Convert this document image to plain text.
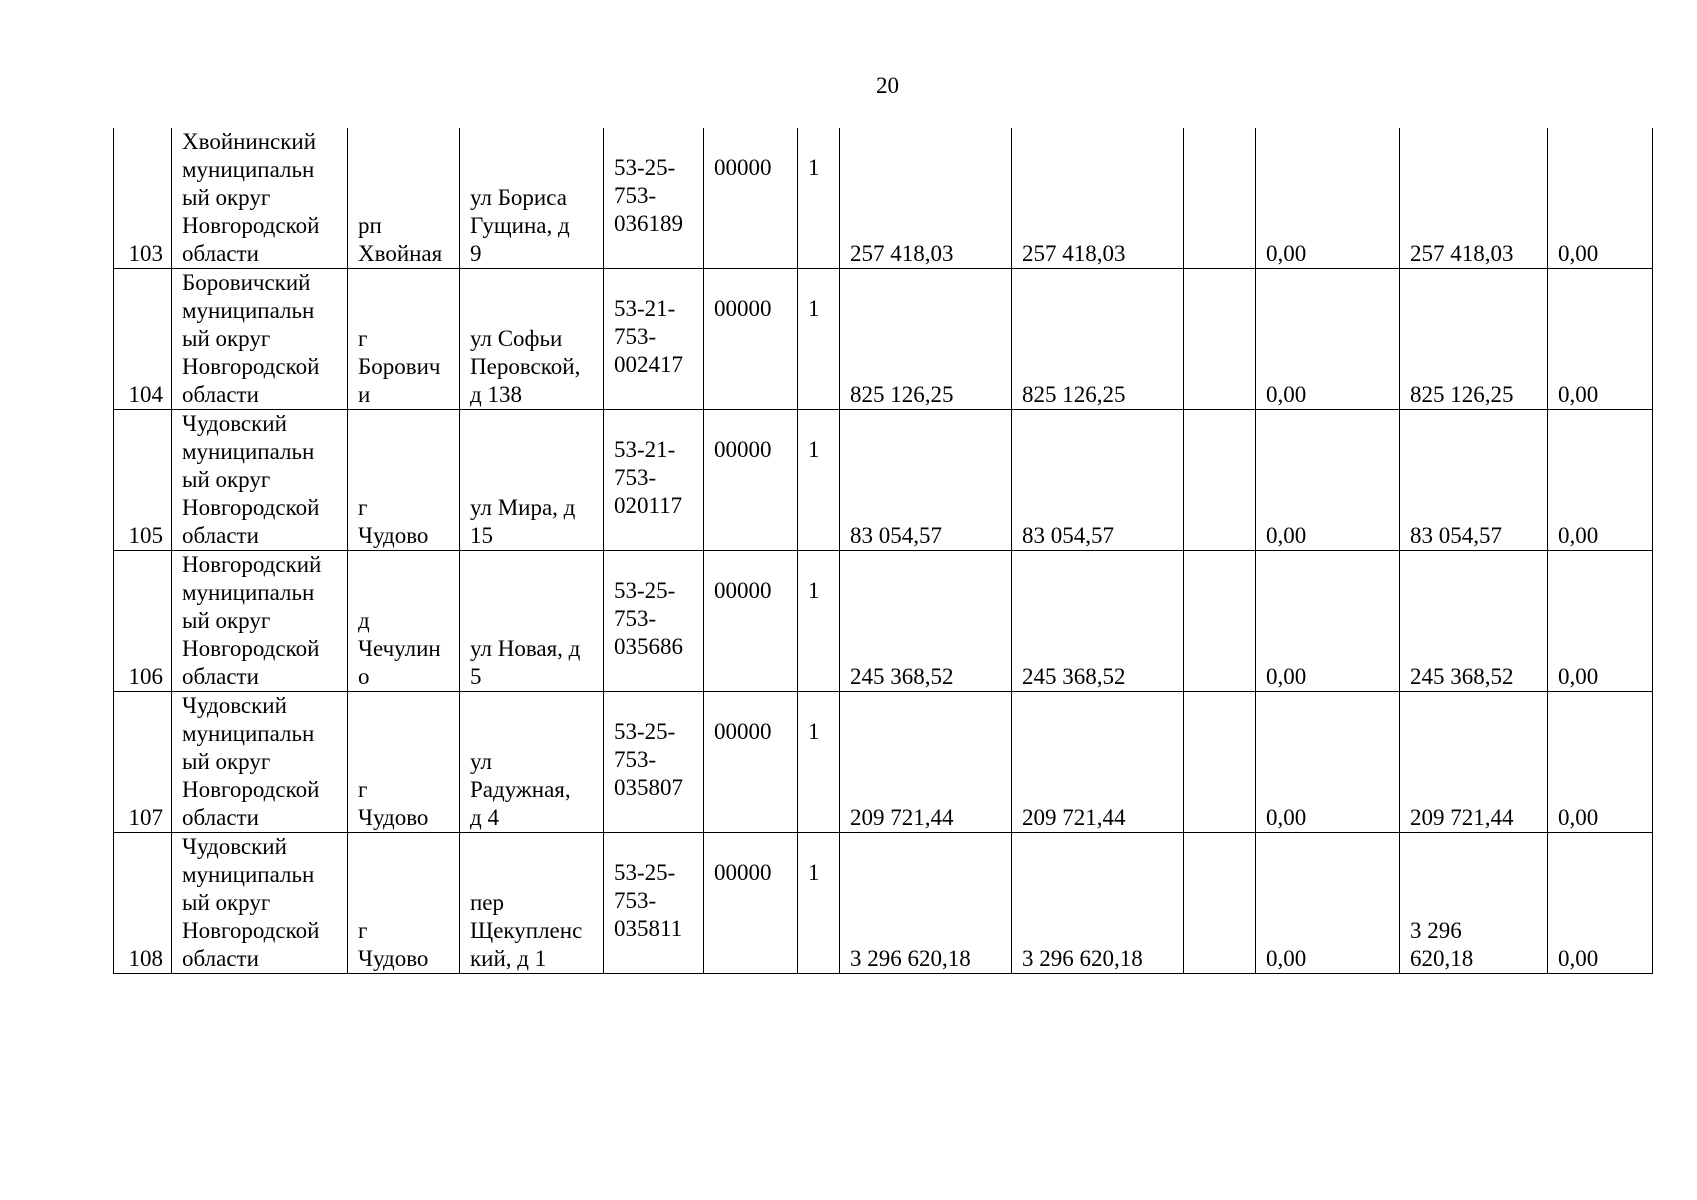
20
103	Хвойнинский
муниципальн
ый округ
Новгородской
области	рп
Хвойная	ул Бориса
Гущина, д
9	53-25-
753-
036189	00000	1	257 418,03	257 418,03		0,00	257 418,03	0,00

104	Боровичский
муниципальн
ый округ
Новгородской
области	г
Борович
и	ул Софьи
Перовской,
д 138	53-21-
753-
002417	00000	1	825 126,25	825 126,25		0,00	825 126,25	0,00

105	Чудовский
муниципальн
ый округ
Новгородской
области	г
Чудово	ул Мира, д
15	53-21-
753-
020117	00000	1	83 054,57	83 054,57		0,00	83 054,57	0,00

106	Новгородский
муниципальн
ый округ
Новгородской
области	д
Чечулин
о	ул Новая, д
5	53-25-
753-
035686	00000	1	245 368,52	245 368,52		0,00	245 368,52	0,00

107	Чудовский
муниципальн
ый округ
Новгородской
области	г
Чудово	ул
Радужная,
д 4	53-25-
753-
035807	00000	1	209 721,44	209 721,44		0,00	209 721,44	0,00

108	Чудовский
муниципальн
ый округ
Новгородской
области	г
Чудово	пер
Щекупленс
кий, д 1	53-25-
753-
035811	00000	1	3 296 620,18	3 296 620,18		0,00	3 296
620,18	0,00
